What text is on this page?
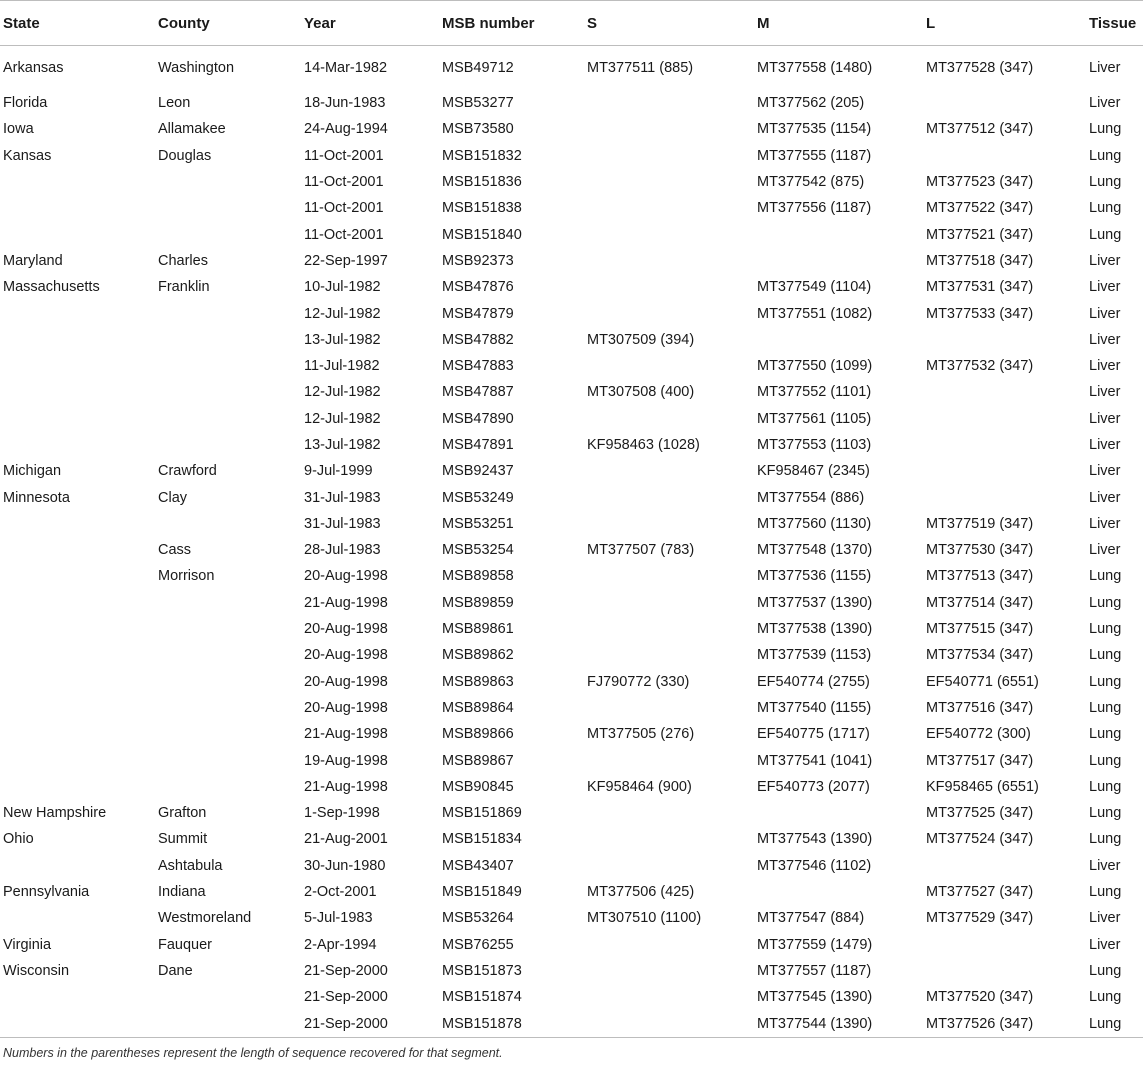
State	County	Year	MSB number	S	M	L	Tissue
Arkansas	Washington	14-Mar-1982	MSB49712	MT377511 (885)	MT377558 (1480)	MT377528 (347)	Liver
Florida	Leon	18-Jun-1983	MSB53277		MT377562 (205)		Liver
Iowa	Allamakee	24-Aug-1994	MSB73580		MT377535 (1154)	MT377512 (347)	Lung
Kansas	Douglas	11-Oct-2001	MSB151832		MT377555 (1187)		Lung
		11-Oct-2001	MSB151836		MT377542 (875)	MT377523 (347)	Lung
		11-Oct-2001	MSB151838		MT377556 (1187)	MT377522 (347)	Lung
		11-Oct-2001	MSB151840			MT377521 (347)	Lung
Maryland	Charles	22-Sep-1997	MSB92373			MT377518 (347)	Liver
Massachusetts	Franklin	10-Jul-1982	MSB47876		MT377549 (1104)	MT377531 (347)	Liver
		12-Jul-1982	MSB47879		MT377551 (1082)	MT377533 (347)	Liver
		13-Jul-1982	MSB47882	MT307509 (394)			Liver
		11-Jul-1982	MSB47883		MT377550 (1099)	MT377532 (347)	Liver
		12-Jul-1982	MSB47887	MT307508 (400)	MT377552 (1101)		Liver
		12-Jul-1982	MSB47890		MT377561 (1105)		Liver
		13-Jul-1982	MSB47891	KF958463 (1028)	MT377553 (1103)		Liver
Michigan	Crawford	9-Jul-1999	MSB92437		KF958467 (2345)		Liver
Minnesota	Clay	31-Jul-1983	MSB53249		MT377554 (886)		Liver
		31-Jul-1983	MSB53251		MT377560 (1130)	MT377519 (347)	Liver
	Cass	28-Jul-1983	MSB53254	MT377507 (783)	MT377548 (1370)	MT377530 (347)	Liver
	Morrison	20-Aug-1998	MSB89858		MT377536 (1155)	MT377513 (347)	Lung
		21-Aug-1998	MSB89859		MT377537 (1390)	MT377514 (347)	Lung
		20-Aug-1998	MSB89861		MT377538 (1390)	MT377515 (347)	Lung
		20-Aug-1998	MSB89862		MT377539 (1153)	MT377534 (347)	Lung
		20-Aug-1998	MSB89863	FJ790772 (330)	EF540774 (2755)	EF540771 (6551)	Lung
		20-Aug-1998	MSB89864		MT377540 (1155)	MT377516 (347)	Lung
		21-Aug-1998	MSB89866	MT377505 (276)	EF540775 (1717)	EF540772 (300)	Lung
		19-Aug-1998	MSB89867		MT377541 (1041)	MT377517 (347)	Lung
		21-Aug-1998	MSB90845	KF958464 (900)	EF540773 (2077)	KF958465 (6551)	Lung
New Hampshire	Grafton	1-Sep-1998	MSB151869			MT377525 (347)	Lung
Ohio	Summit	21-Aug-2001	MSB151834		MT377543 (1390)	MT377524 (347)	Lung
	Ashtabula	30-Jun-1980	MSB43407		MT377546 (1102)		Liver
Pennsylvania	Indiana	2-Oct-2001	MSB151849	MT377506 (425)		MT377527 (347)	Lung
	Westmoreland	5-Jul-1983	MSB53264	MT307510 (1100)	MT377547 (884)	MT377529 (347)	Liver
Virginia	Fauquer	2-Apr-1994	MSB76255		MT377559 (1479)		Liver
Wisconsin	Dane	21-Sep-2000	MSB151873		MT377557 (1187)		Lung
		21-Sep-2000	MSB151874		MT377545 (1390)	MT377520 (347)	Lung
		21-Sep-2000	MSB151878		MT377544 (1390)	MT377526 (347)	Lung
Numbers in the parentheses represent the length of sequence recovered for that segment.
